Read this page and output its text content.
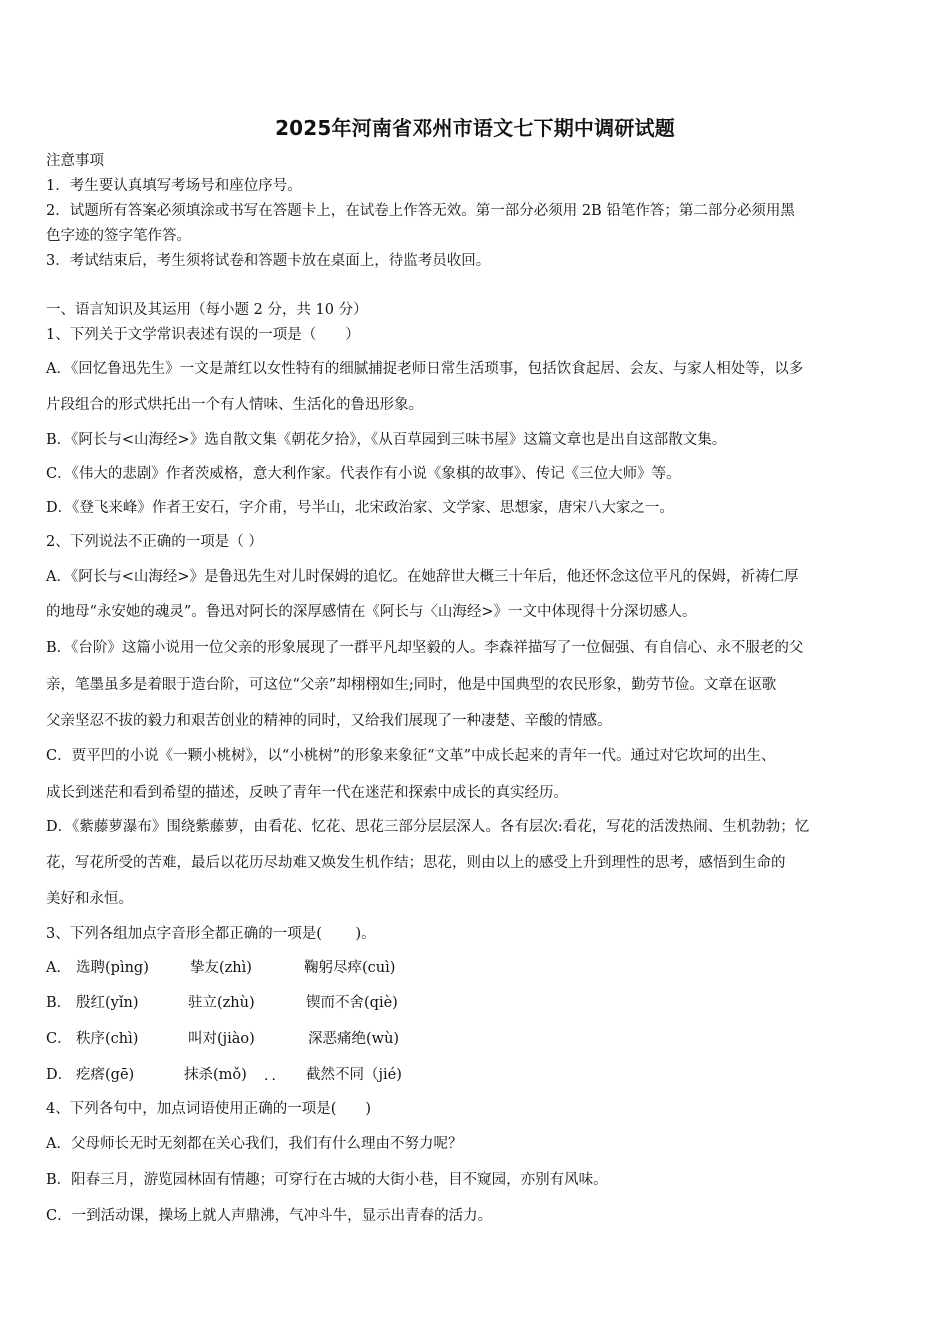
2025年河南省邓州市语文七下期中调研试题
注意事项
1．考生要认真填写考场号和座位序号。
2．试题所有答案必须填涂或书写在答题卡上，在试卷上作答无效。第一部分必须用 2B 铅笔作答；第二部分必须用黑
色字迹的签字笔作答。
3．考试结束后，考生须将试卷和答题卡放在桌面上，待监考员收回。
一、语言知识及其运用（每小题 2 分，共 10 分）
1、下列关于文学常识表述有误的一项是（　　）
A．《回忆鲁迅先生》一文是萧红以女性特有的细腻捕捉老师日常生活琐事，包括饮食起居、会友、与家人相处等，以多
片段组合的形式烘托出一个有人情味、生活化的鲁迅形象。
B．《阿长与<山海经>》选自散文集《朝花夕拾》，《从百草园到三味书屋》这篇文章也是出自这部散文集。
C．《伟大的悲剧》作者茨威格，意大利作家。代表作有小说《象棋的故事》、传记《三位大师》等。
D．《登飞来峰》作者王安石，字介甫，号半山，北宋政治家、文学家、思想家，唐宋八大家之一。
2、下列说法不正确的一项是（ ）
A．《阿长与<山海经>》是鲁迅先生对儿时保姆的追忆。在她辞世大概三十年后，他还怀念这位平凡的保姆，祈祷仁厚
的地母“永安她的魂灵”。鲁迅对阿长的深厚感情在《阿长与〈山海经>》一文中体现得十分深切感人。
B．《台阶》这篇小说用一位父亲的形象展现了一群平凡却坚毅的人。李森祥描写了一位倔强、有自信心、永不服老的父
亲，笔墨虽多是着眼于造台阶，可这位“父亲”却栩栩如生;同时，他是中国典型的农民形象，勤劳节俭。文章在讴歌
父亲坚忍不拔的毅力和艰苦创业的精神的同时，又给我们展现了一种凄楚、辛酸的情感。
C．贾平凹的小说《一颗小桃树》，以“小桃树”的形象来象征“文革”中成长起来的青年一代。通过对它坎坷的出生、
成长到迷茫和看到希望的描述，反映了青年一代在迷茫和探索中成长的真实经历。
D．《紫藤萝瀑布》围绕紫藤萝，由看花、忆花、思花三部分层层深人。各有层次:看花，写花的活泼热闹、生机勃勃；忆
花，写花所受的苦难，最后以花历尽劫难又焕发生机作结；思花，则由以上的感受上升到理性的思考，感悟到生命的
美好和永恒。
3、下列各组加点字音形全都正确的一项是(　　 )。
A． 选聘(pìng)	挚友(zhì)	鞠躬尽瘁(cuì)
B． 殷红(yǐn)	驻立(zhù)	锲而不舍(qiè)
C． 秩序(chì)	叫对(jiào)	深恶痛绝(wù)
D． 疙瘩(gē)	抹杀(mǒ)	截然不同（jié)
··
4、下列各句中，加点词语使用正确的一项是(　　)
A．父母师长无时无刻都在关心我们，我们有什么理由不努力呢？
B．阳春三月，游览园林固有情趣；可穿行在古城的大街小巷，目不窥园，亦别有风味。
C．一到活动课，操场上就人声鼎沸，气冲斗牛，显示出青春的活力。
